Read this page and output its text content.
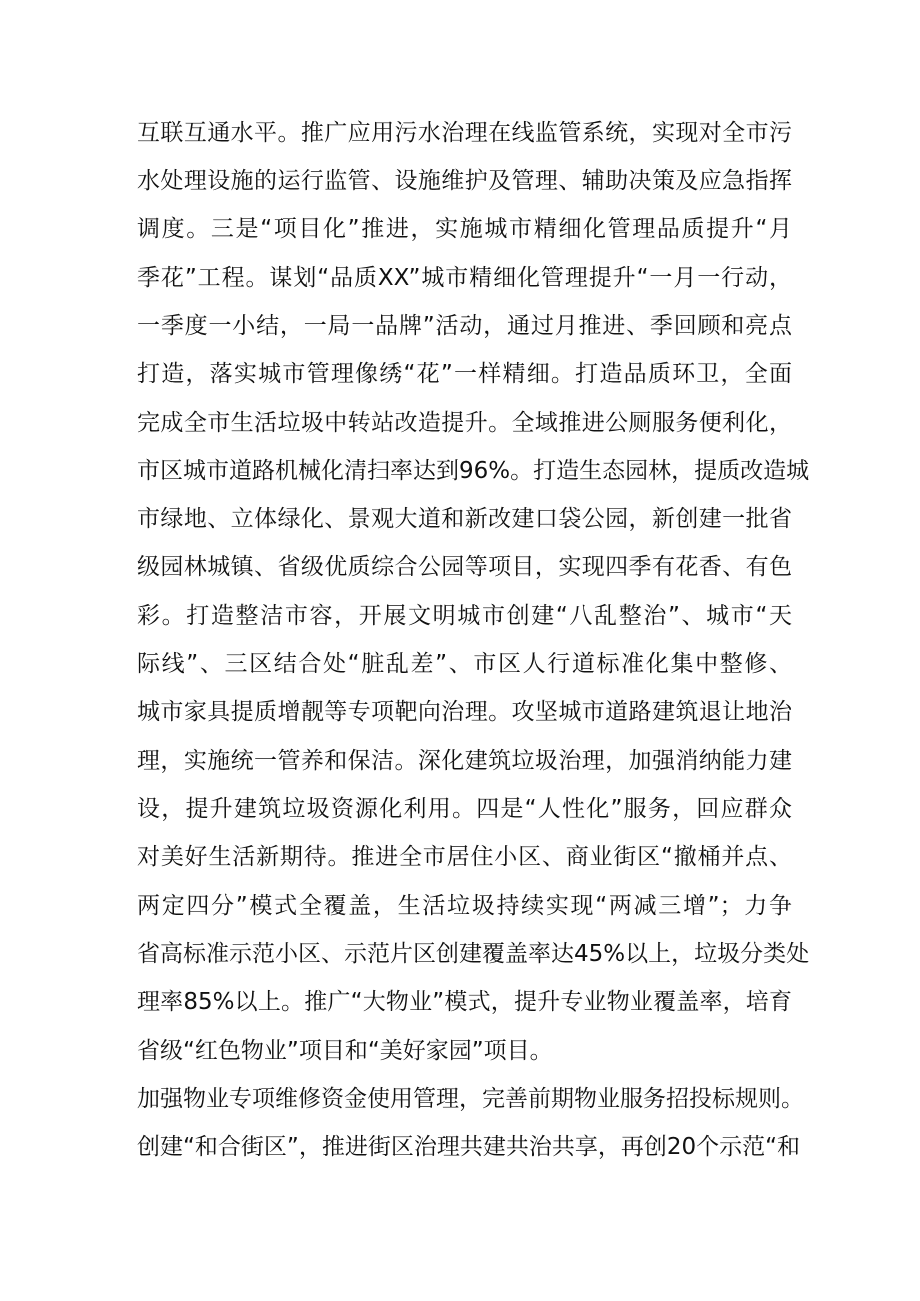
互联互通水平。推广应用污水治理在线监管系统，实现对全市污
水处理设施的运行监管、设施维护及管理、辅助决策及应急指挥
调度。三是“项目化”推进，实施城市精细化管理品质提升“月
季花”工程。谋划“品质XX”城市精细化管理提升“一月一行动，
一季度一小结，一局一品牌”活动，通过月推进、季回顾和亮点
打造，落实城市管理像绣“花”一样精细。打造品质环卫，全面
完成全市生活垃圾中转站改造提升。全域推进公厕服务便利化，
市区城市道路机械化清扫率达到96%。打造生态园林，提质改造城
市绿地、立体绿化、景观大道和新改建口袋公园，新创建一批省
级园林城镇、省级优质综合公园等项目，实现四季有花香、有色
彩。打造整洁市容，开展文明城市创建“八乱整治”、城市“天
际线”、三区结合处“脏乱差”、市区人行道标准化集中整修、
城市家具提质增靓等专项靶向治理。攻坚城市道路建筑退让地治
理，实施统一管养和保洁。深化建筑垃圾治理，加强消纳能力建
设，提升建筑垃圾资源化利用。四是“人性化”服务，回应群众
对美好生活新期待。推进全市居住小区、商业街区“撤桶并点、
两定四分”模式全覆盖，生活垃圾持续实现“两减三增”；力争
省高标准示范小区、示范片区创建覆盖率达45%以上，垃圾分类处
理率85%以上。推广“大物业”模式，提升专业物业覆盖率，培育
省级“红色物业”项目和“美好家园”项目。
加强物业专项维修资金使用管理，完善前期物业服务招投标规则。
创建“和合街区”，推进街区治理共建共治共享，再创20个示范“和
